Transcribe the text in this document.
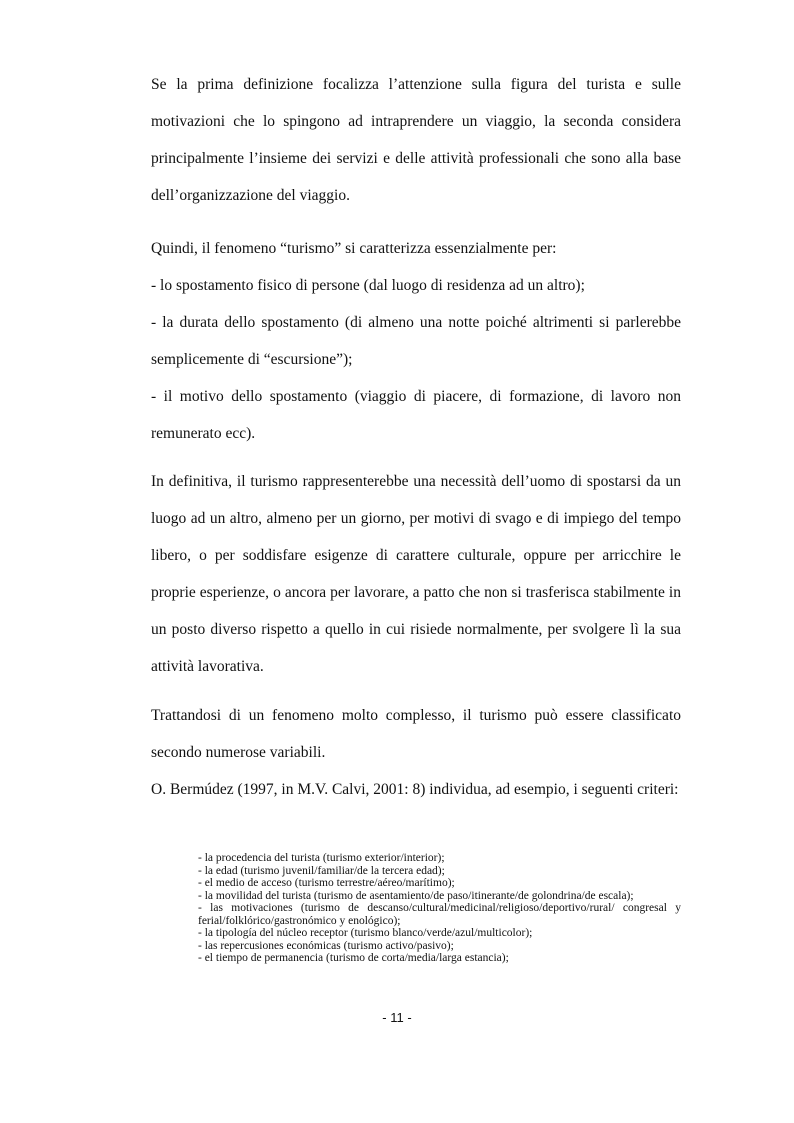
Se la prima definizione focalizza l’attenzione sulla figura del turista e sulle motivazioni che lo spingono ad intraprendere un viaggio, la seconda considera principalmente l’insieme dei servizi e delle attività professionali che sono alla base dell’organizzazione del viaggio.

Quindi, il fenomeno “turismo” si caratterizza essenzialmente per:

- lo spostamento fisico di persone (dal luogo di residenza ad un altro);

- la durata dello spostamento (di almeno una notte poiché altrimenti si parlerebbe semplicemente di “escursione”);

- il motivo dello spostamento (viaggio di piacere, di formazione, di lavoro non remunerato ecc).

In definitiva, il turismo rappresenterebbe una necessità dell’uomo di spostarsi da un luogo ad un altro, almeno per un giorno, per motivi di svago e di impiego del tempo libero, o per soddisfare esigenze di carattere culturale, oppure per arricchire le proprie esperienze, o ancora per lavorare, a patto che non si trasferisca stabilmente in un posto diverso rispetto a quello in cui risiede normalmente, per svolgere lì la sua attività lavorativa.

Trattandosi di un fenomeno molto complesso, il turismo può essere classificato secondo numerose variabili.

O. Bermúdez (1997, in M.V. Calvi, 2001: 8) individua, ad esempio, i seguenti criteri:

- la procedencia del turista (turismo exterior/interior);
- la edad (turismo juvenil/familiar/de la tercera edad);
- el medio de acceso (turismo terrestre/aéreo/marítimo);
- la movilidad del turista (turismo de asentamiento/de paso/itinerante/de golondrina/de escala);
- las motivaciones (turismo de descanso/cultural/medicinal/religioso/deportivo/rural/ congresal y ferial/folklórico/gastronómico y enológico);
- la tipología del núcleo receptor (turismo blanco/verde/azul/multicolor);
- las repercusiones económicas (turismo activo/pasivo);
- el tiempo de permanencia (turismo de corta/media/larga estancia);
- 11 -
